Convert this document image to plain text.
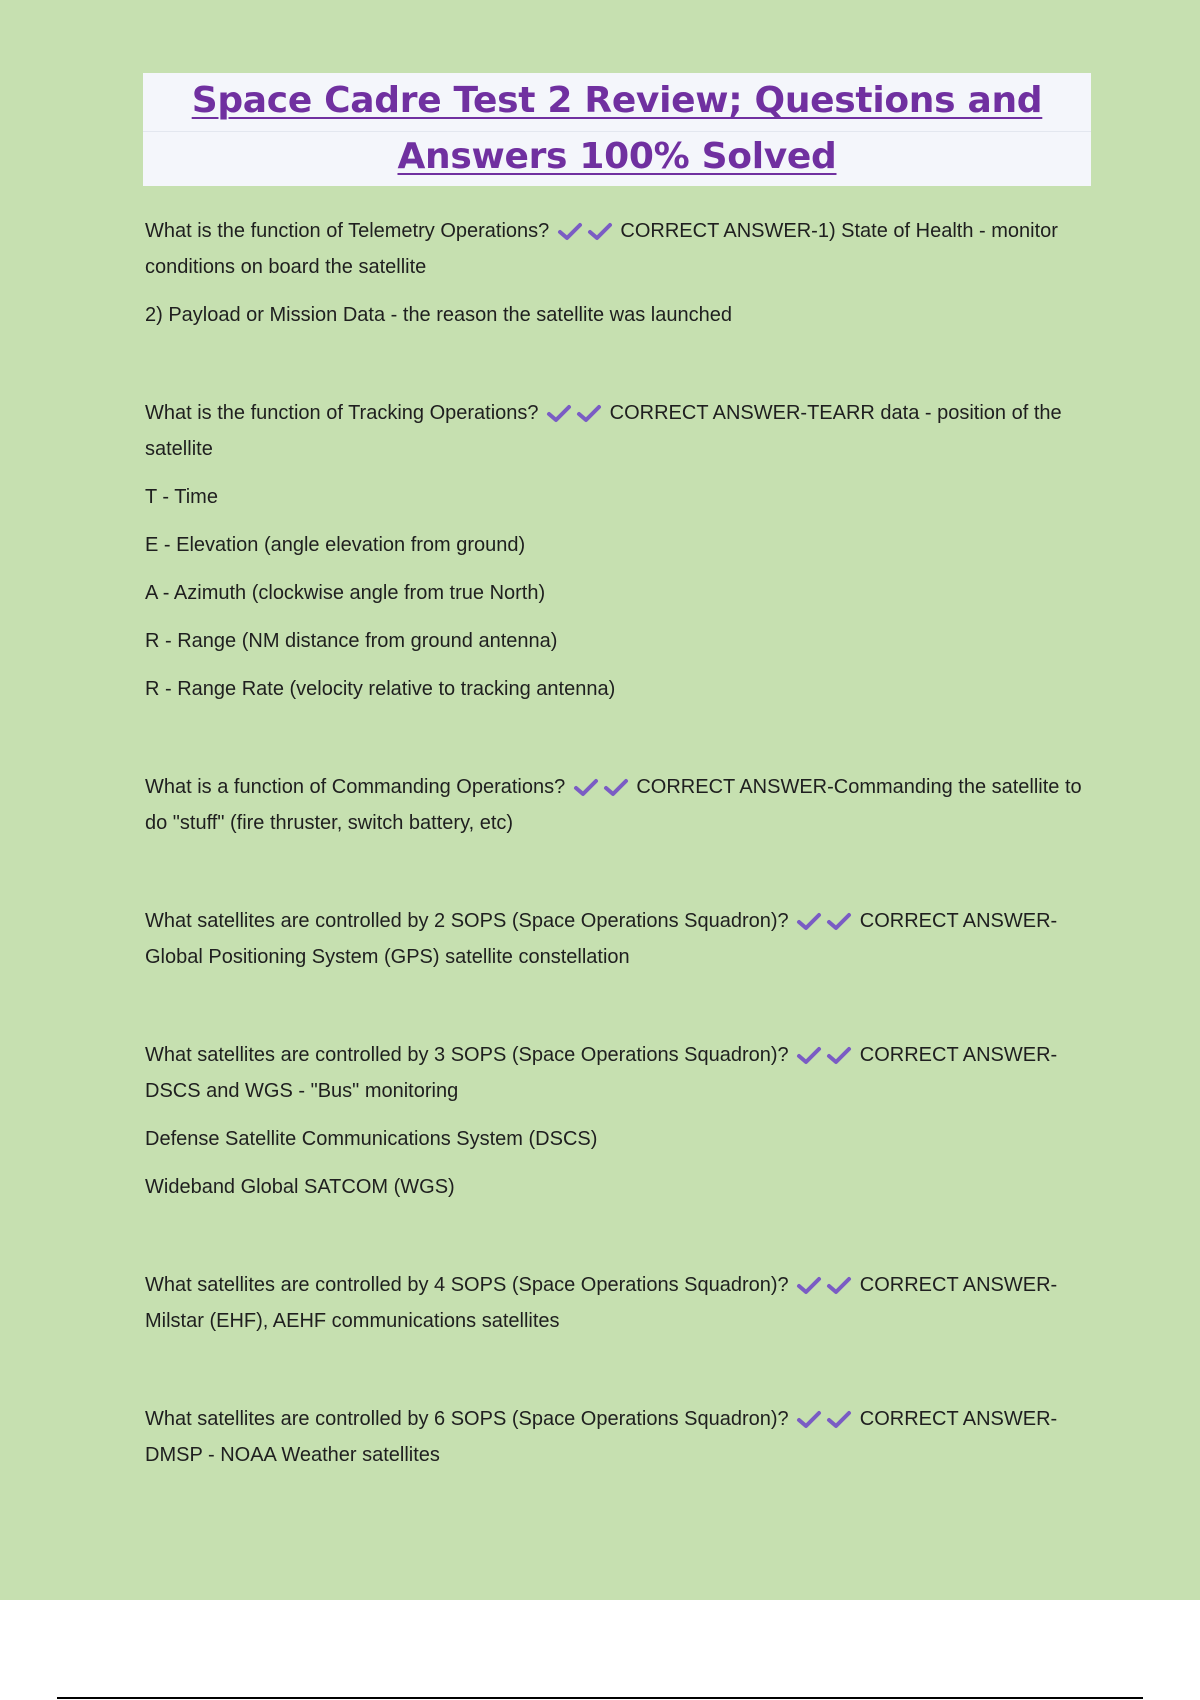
Space Cadre Test 2 Review; Questions and
Answers 100% Solved

What is the function of Telemetry Operations?	CORRECT ANSWER-1) State of Health - monitor conditions on board the satellite

2) Payload or Mission Data - the reason the satellite was launched

What is the function of Tracking Operations?	CORRECT ANSWER-TEARR data - position of the satellite

T - Time

E - Elevation (angle elevation from ground)

A - Azimuth (clockwise angle from true North)

R - Range (NM distance from ground antenna)

R - Range Rate (velocity relative to tracking antenna)

What is a function of Commanding Operations?	CORRECT ANSWER-Commanding the satellite to do "stuff" (fire thruster, switch battery, etc)

What satellites are controlled by 2 SOPS (Space Operations Squadron)?	CORRECT ANSWER-Global Positioning System (GPS) satellite constellation

What satellites are controlled by 3 SOPS (Space Operations Squadron)?	CORRECT ANSWER-DSCS and WGS - "Bus" monitoring

Defense Satellite Communications System (DSCS)

Wideband Global SATCOM (WGS)

What satellites are controlled by 4 SOPS (Space Operations Squadron)?	CORRECT ANSWER-Milstar (EHF), AEHF communications satellites

What satellites are controlled by 6 SOPS (Space Operations Squadron)?	CORRECT ANSWER-DMSP - NOAA Weather satellites
